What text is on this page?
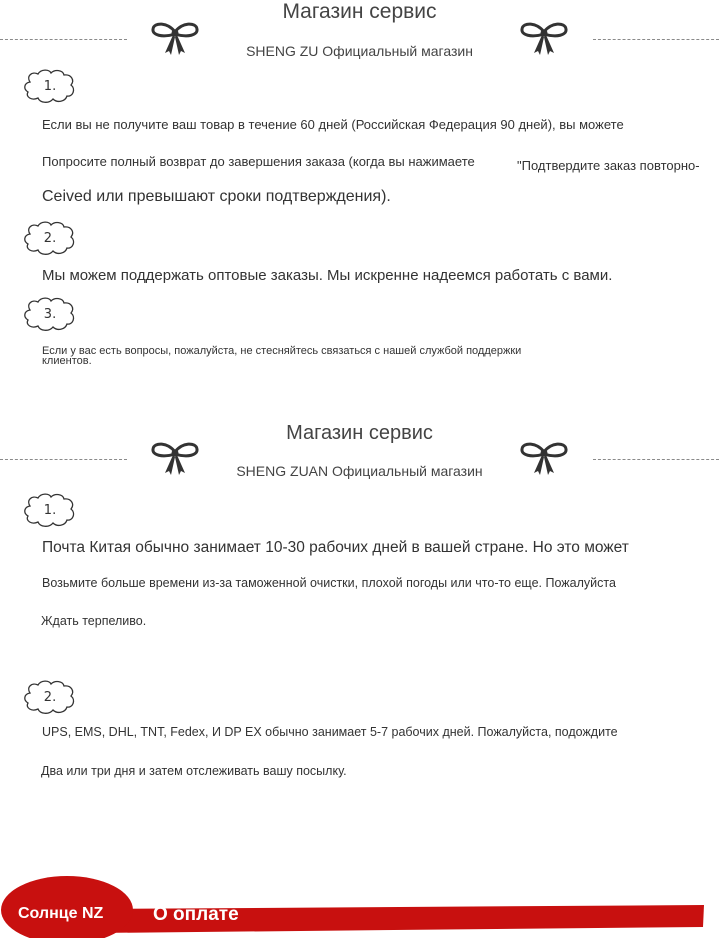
Магазин сервис
SHENG ZU Официальный магазин
1.
Если вы не получите ваш товар в течение 60 дней (Российская Федерация 90 дней), вы можете
Попросите полный возврат до завершения заказа (когда вы нажимаете	"Подтвердите заказ повторно-
Ceived или превышают сроки подтверждения).
2.
Мы можем поддержать оптовые заказы. Мы искренне надеемся работать с вами.
3.
Если у вас есть вопросы, пожалуйста, не стесняйтесь связаться с нашей службой поддержки
клиентов.
Магазин сервис
SHENG ZUAN Официальный магазин
1.
Почта Китая обычно занимает 10-30 рабочих дней в вашей стране. Но это может
Возьмите больше времени из-за таможенной очистки, плохой погоды или что-то еще. Пожалуйста
Ждать терпеливо.
2.
UPS, EMS, DHL, TNT, Fedex, И DP EX обычно занимает 5-7 рабочих дней. Пожалуйста, подождите
Два или три дня и затем отслеживать вашу посылку.
Солнце NZ	О оплате
